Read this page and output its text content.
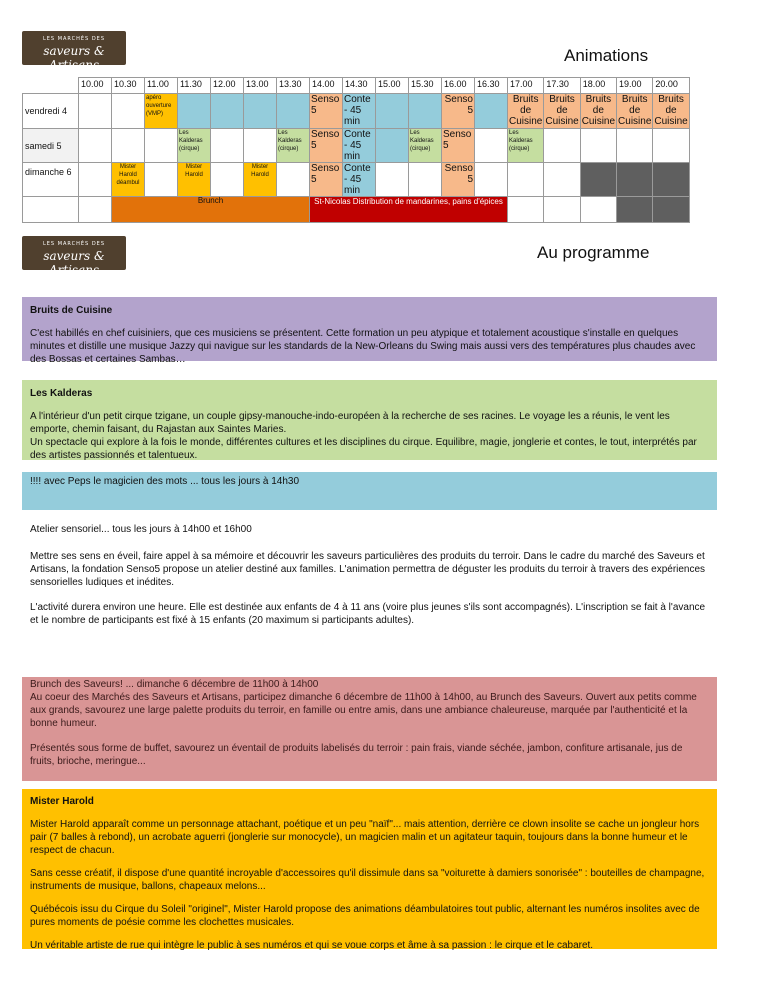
LES MARCHÉS DES
saveurs & Artisans	Animations
LES MARCHÉS DES
saveurs & Artisans
Au programme
	10.00	10.30	11.00	11.30	12.00	13.00	13.30	14.00	14.30	15.00	15.30	16.00	16.30	17.00	17.30	18.00	19.00	20.00
vendredi 4			apéro ouverture (VMP)					Senso 5	Conte - 45 min			Senso 5		Bruits de Cuisine	Bruits de Cuisine	Bruits de Cuisine	Bruits de Cuisine	Bruits de Cuisine
samedi 5				Les Kalderas (cirque)			Les Kalderas (cirque)	Senso 5	Conte - 45 min		Les Kalderas (cirque)	Senso 5		Les Kalderas (cirque)				
dimanche 6		Mister Harold déambul		Mister Harold		Mister Harold		Senso 5	Conte - 45 min			Senso 5						
		Brunch						St-Nicolas Distribution de mandarines, pains d'épices										

Bruits de Cuisine

C'est habillés en chef cuisiniers, que ces musiciens se présentent. Cette formation un peu atypique et totalement acoustique s'installe en quelques minutes et distille une musique Jazzy qui navigue sur les standards de la New-Orleans du Swing mais aussi vers des températures plus chaudes avec des Bossas et certaines Sambas…

Les Kalderas

A l'intérieur d'un petit cirque tzigane, un couple gipsy-manouche-indo-européen à la recherche de ses racines. Le voyage les a réunis, le vent les emporte, chemin faisant, du Rajastan aux Saintes Maries.

Un spectacle qui explore à la fois le monde, différentes cultures et les disciplines du cirque. Equilibre, magie, jonglerie et contes, le tout, interprétés par des artistes passionnés et talentueux.

!!!! avec Peps le magicien des mots ... tous les jours à 14h30

Atelier sensoriel... tous les jours à 14h00 et 16h00

Mettre ses sens en éveil, faire appel à sa mémoire et découvrir les saveurs particulières des produits du terroir. Dans le cadre du marché des Saveurs et Artisans, la fondation Senso5 propose un atelier destiné aux familles. L'animation permettra de déguster les produits du terroir à travers des expériences sensorielles ludiques et inédites.

L'activité durera environ une heure. Elle est destinée aux enfants de 4 à 11 ans (voire plus jeunes s'ils sont accompagnés). L'inscription se fait à l'avance et le nombre de participants est fixé à 15 enfants (20 maximum si participants adultes).

Brunch des Saveurs! ... dimanche 6 décembre de 11h00 à 14h00

Au coeur des Marchés des Saveurs et Artisans, participez dimanche 6 décembre de 11h00 à 14h00, au Brunch des Saveurs. Ouvert aux petits comme aux grands, savourez une large palette produits du terroir, en famille ou entre amis, dans une ambiance chaleureuse, marquée par l'authenticité et la bonne humeur.

Présentés sous forme de buffet, savourez un éventail de produits labelisés du terroir : pain frais, viande séchée, jambon, confiture artisanale, jus de fruits, brioche, meringue...

Mister Harold

Mister Harold apparaît comme un personnage attachant, poétique et un peu "naïf"... mais attention, derrière ce clown insolite se cache un jongleur hors pair (7 balles à rebond), un acrobate aguerri (jonglerie sur monocycle), un magicien malin et un agitateur taquin, toujours dans la bonne humeur et le respect de chacun.

Sans cesse créatif, il dispose d'une quantité incroyable d'accessoires qu'il dissimule dans sa "voiturette à damiers sonorisée" : bouteilles de champagne, instruments de musique, ballons, chapeaux melons...

Québécois issu du Cirque du Soleil "originel", Mister Harold propose des animations déambulatoires tout public, alternant les numéros insolites avec de pures moments de poésie comme les clochettes musicales.

Un véritable artiste de rue qui intègre le public à ses numéros et qui se voue corps et âme à sa passion : le cirque et le cabaret.
